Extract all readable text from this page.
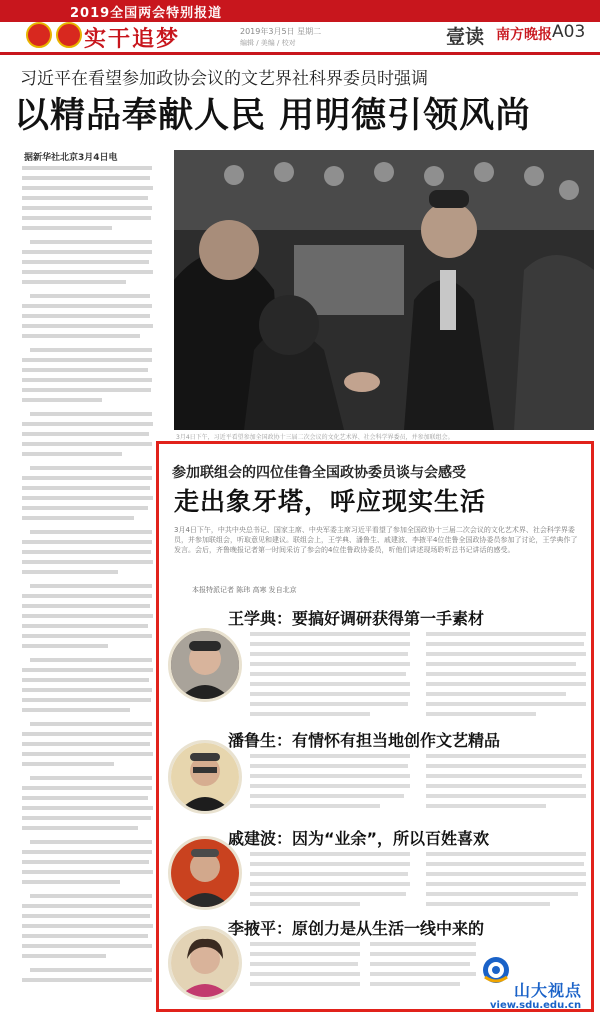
2019全国两会特别报道
实干追梦	2019年3月5日 星期二
编辑 / 美编 / 校对	壹读 南方晚报 A03
习近平在看望参加政协会议的文艺界社科界委员时强调
以精品奉献人民 用明德引领风尚
据新华社北京3月4日电
3月4日下午，习近平看望参加全国政协十三届二次会议的文化艺术界、社会科学界委员，并参加联组会。
参加联组会的四位佳鲁全国政协委员谈与会感受
走出象牙塔，呼应现实生活
3月4日下午，中共中央总书记、国家主席、中央军委主席习近平看望了参加全国政协十三届二次会议的文化艺术界、社会科学界委员，并参加联组会，听取意见和建议。联组会上，王学典、潘鲁生、戚建波、李掖平4位佳鲁全国政协委员参加了讨论，王学典作了发言。会后，齐鲁晚报记者第一时间采访了参会的4位佳鲁政协委员，听他们讲述现场聆听总书记讲话的感受。
本报特派记者 陈玮 高寒 发自北京
王学典：要搞好调研获得第一手素材
潘鲁生：有情怀有担当地创作文艺精品
戚建波：因为“业余”，所以百姓喜欢
李掖平：原创力是从生活一线中来的
山大视点
view.sdu.edu.cn
